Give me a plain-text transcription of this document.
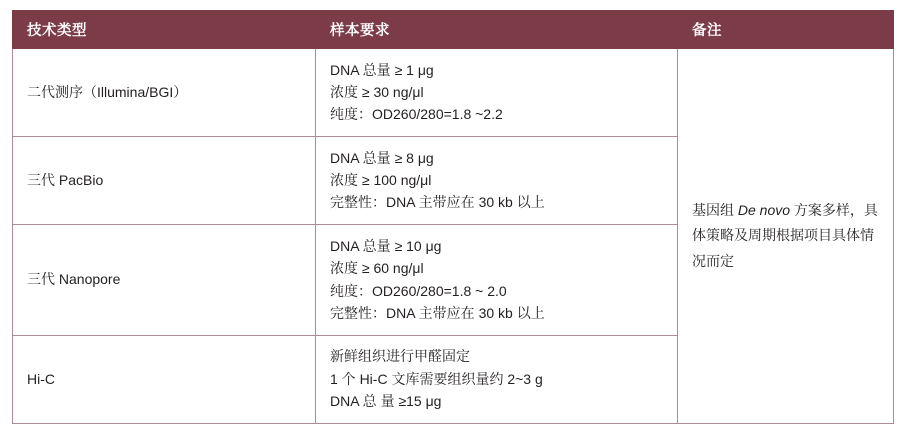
技术类型	样本要求	备注
二代测序（Illumina/BGI）	DNA 总量 ≥ 1 μg
浓度 ≥ 30 ng/μl
纯度：OD260/280=1.8 ~2.2	基因组 De novo 方案多样，具体策略及周期根据项目具体情况而定

三代 PacBio	DNA 总量 ≥ 8 μg
浓度 ≥ 100 ng/μl
完整性：DNA 主带应在 30 kb 以上	

三代 Nanopore	DNA 总量 ≥ 10 μg
浓度 ≥ 60 ng/μl
纯度：OD260/280=1.8 ~ 2.0
完整性：DNA 主带应在 30 kb 以上	

Hi-C	新鲜组织进行甲醛固定
1 个 Hi-C 文库需要组织量约 2~3 g
DNA 总 量 ≥15 μg	
